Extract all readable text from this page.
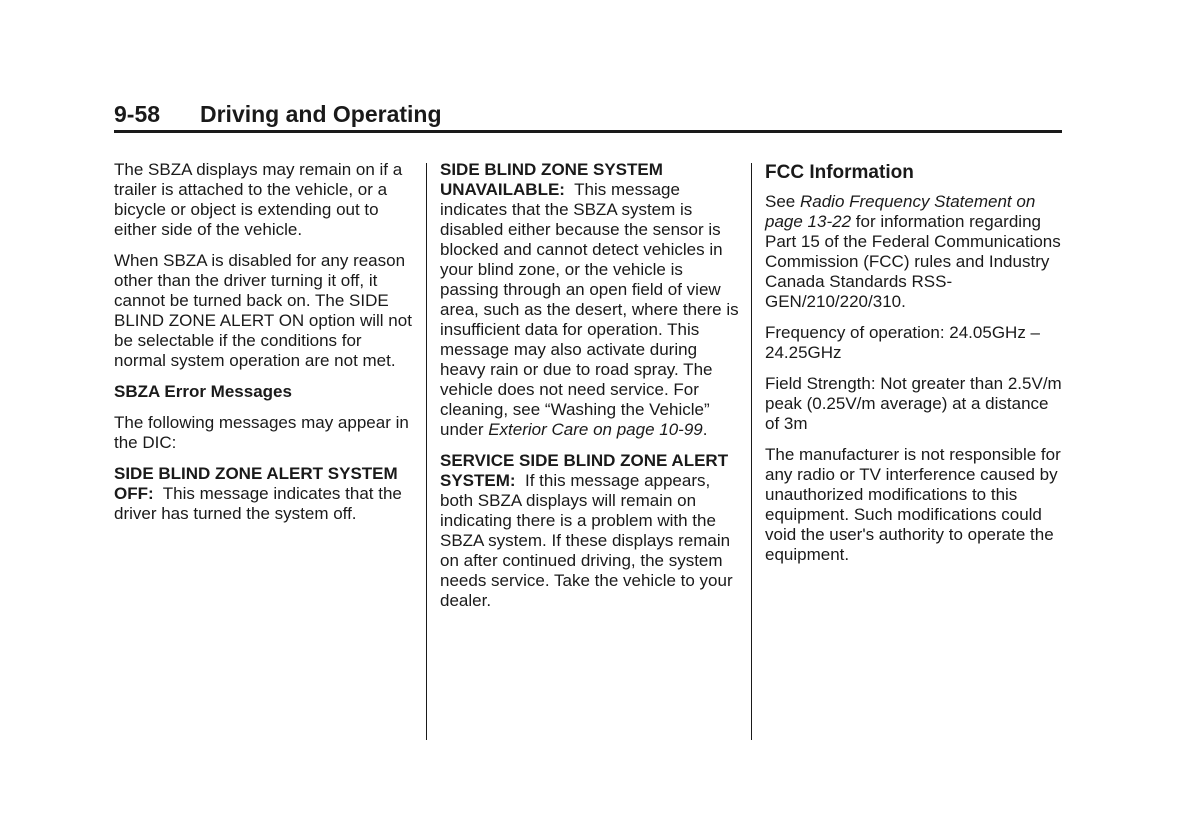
9-58 Driving and Operating

The SBZA displays may remain on if a trailer is attached to the vehicle, or a bicycle or object is extending out to either side of the vehicle.

When SBZA is disabled for any reason other than the driver turning it off, it cannot be turned back on. The SIDE BLIND ZONE ALERT ON option will not be selectable if the conditions for normal system operation are not met.

SBZA Error Messages

The following messages may appear in the DIC:

SIDE BLIND ZONE ALERT SYSTEM OFF: This message indicates that the driver has turned the system off.

SIDE BLIND ZONE SYSTEM UNAVAILABLE: This message indicates that the SBZA system is disabled either because the sensor is blocked and cannot detect vehicles in your blind zone, or the vehicle is passing through an open field of view area, such as the desert, where there is insufficient data for operation. This message may also activate during heavy rain or due to road spray. The vehicle does not need service. For cleaning, see “Washing the Vehicle” under Exterior Care on page 10-99.

SERVICE SIDE BLIND ZONE ALERT SYSTEM: If this message appears, both SBZA displays will remain on indicating there is a problem with the SBZA system. If these displays remain on after continued driving, the system needs service. Take the vehicle to your dealer.

FCC Information

See Radio Frequency Statement on page 13-22 for information regarding Part 15 of the Federal Communications Commission (FCC) rules and Industry Canada Standards RSS-GEN/210/220/310.

Frequency of operation: 24.05GHz – 24.25GHz

Field Strength: Not greater than 2.5V/m peak (0.25V/m average) at a distance of 3m

The manufacturer is not responsible for any radio or TV interference caused by unauthorized modifications to this equipment. Such modifications could void the user's authority to operate the equipment.
